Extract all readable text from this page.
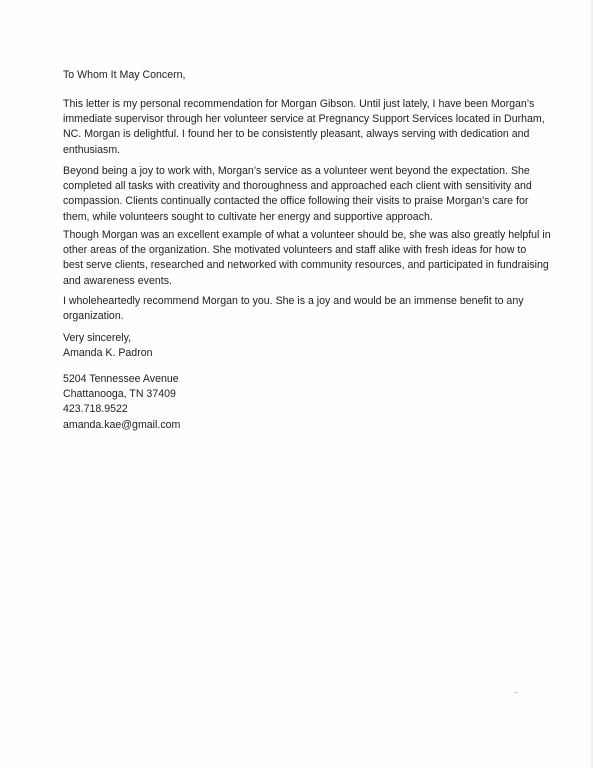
To Whom It May Concern,

This letter is my personal recommendation for Morgan Gibson. Until just lately, I have been Morgan’s
immediate supervisor through her volunteer service at Pregnancy Support Services located in Durham,
NC. Morgan is delightful. I found her to be consistently pleasant, always serving with dedication and
enthusiasm.

Beyond being a joy to work with, Morgan’s service as a volunteer went beyond the expectation. She
completed all tasks with creativity and thoroughness and approached each client with sensitivity and
compassion. Clients continually contacted the office following their visits to praise Morgan’s care for
them, while volunteers sought to cultivate her energy and supportive approach.

Though Morgan was an excellent example of what a volunteer should be, she was also greatly helpful in
other areas of the organization. She motivated volunteers and staff alike with fresh ideas for how to
best serve clients, researched and networked with community resources, and participated in fundraising
and awareness events.

I wholeheartedly recommend Morgan to you. She is a joy and would be an immense benefit to any
organization.

Very sincerely,
Amanda K. Padron

5204 Tennessee Avenue
Chattanooga, TN 37409
423.718.9522
amanda.kae@gmail.com
